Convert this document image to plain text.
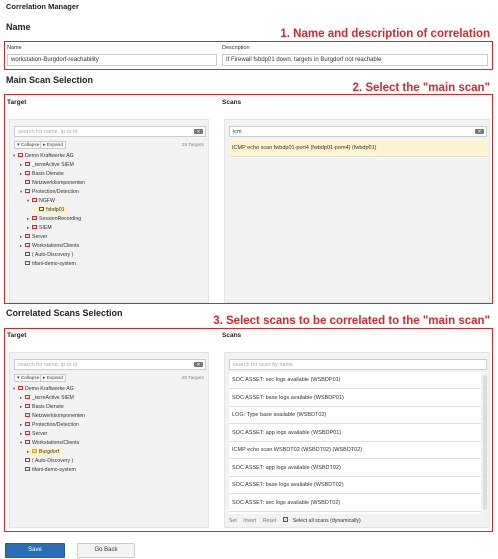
Correlation Manager
Name
1. Name and description of correlation
Name
workstation-Burgdorf-reachability
Description
If Firewall fsbdp01 down, targets in Burgdorf not reachable
Main Scan Selection
2. Select the "main scan"
Target
search for name, ip or id	✕
▾ Collapse ▸ Expand	29 Targets
▾ Demo Kraftwerke AG
▸ _terreActive SIEM
▸ Basis Dienste
Netzwerkkomponenten
▾ Protection/Detection
▾ NGFW
fsbdp01
▸ SessionRecording
▸ SIEM
▸ Server
▸ Workstations/Clients
( Auto-Discovery )
tifani-demo-system
Scans
icm	✕
ICMP echo scan fwbdp01-port4 (fwbdp01-pom4) (fwbdp01)
Correlated Scans Selection
3. Select scans to be correlated to the "main scan"
Target
search for name, ip or id	✕
▾ Collapse ▸ Expand	29 Targets
▾ Demo Kraftwerke AG
▸ _terreActive SIEM
▸ Basis Dienste
Netzwerkkomponenten
▸ Protection/Detection
▸ Server
▾ Workstations/Clients
▸ Burgdorf
( Auto-Discovery )
tifani-demo-system
Scans
search for scan by name
SOC ASSET: sec logs available (WSBDP01)
SOC ASSET: base logs available (WSBDP01)
LOG: Type base available (WSBDT02)
SOC ASSET: app logs available (WSBDP01)
ICMP echo scan WSBDT02 (WSBDT02) (WSBDT02)
SOC ASSET: app logs available (WSBDT02)
SOC ASSET: base logs available (WSBDT02)
SOC ASSET: sec logs available (WSBDT02)
Set Invert Reset ✓ Select all scans (dynamically)
Save	Go Back
